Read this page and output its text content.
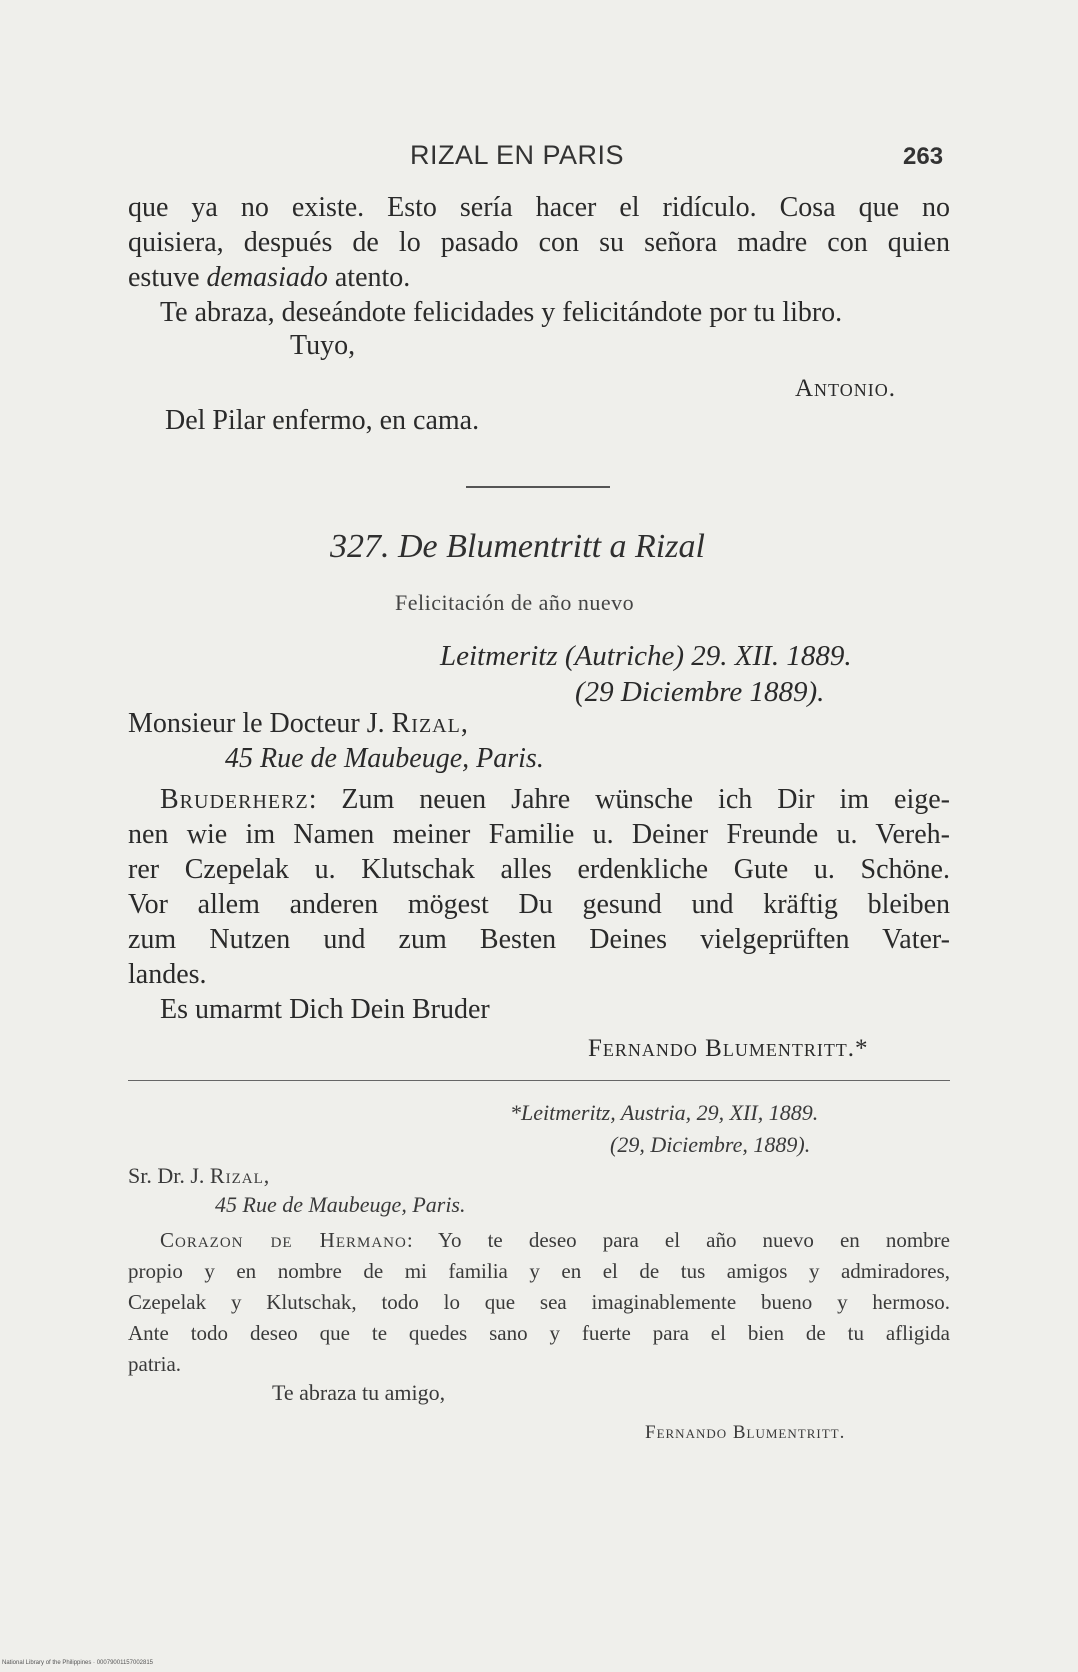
RIZAL EN PARIS	263
que ya no existe. Esto sería hacer el ridículo. Cosa que no
quisiera, después de lo pasado con su señora madre con quien
estuve demasiado atento.
Te abraza, deseándote felicidades y felicitándote por tu libro.
Tuyo,
Antonio.
Del Pilar enfermo, en cama.
327. De Blumentritt a Rizal
Felicitación de año nuevo
Leitmeritz (Autriche) 29. XII. 1889.
(29 Diciembre 1889).
Monsieur le Docteur J. Rizal,
45 Rue de Maubeuge, Paris.
Bruderherz: Zum neuen Jahre wünsche ich Dir im eige-
nen wie im Namen meiner Familie u. Deiner Freunde u. Vereh-
rer Czepelak u. Klutschak alles erdenkliche Gute u. Schöne.
Vor allem anderen mögest Du gesund und kräftig bleiben
zum Nutzen und zum Besten Deines vielgeprüften Vater-
landes.
Es umarmt Dich Dein Bruder
Fernando Blumentritt.*
*Leitmeritz, Austria, 29, XII, 1889.
(29, Diciembre, 1889).
Sr. Dr. J. Rizal,
45 Rue de Maubeuge, Paris.
Corazon de Hermano: Yo te deseo para el año nuevo en nombre
propio y en nombre de mi familia y en el de tus amigos y admiradores,
Czepelak y Klutschak, todo lo que sea imaginablemente bueno y hermoso.
Ante todo deseo que te quedes sano y fuerte para el bien de tu afligida
patria.
Te abraza tu amigo,
Fernando Blumentritt.
National Library of the Philippines · 00079001157002815
